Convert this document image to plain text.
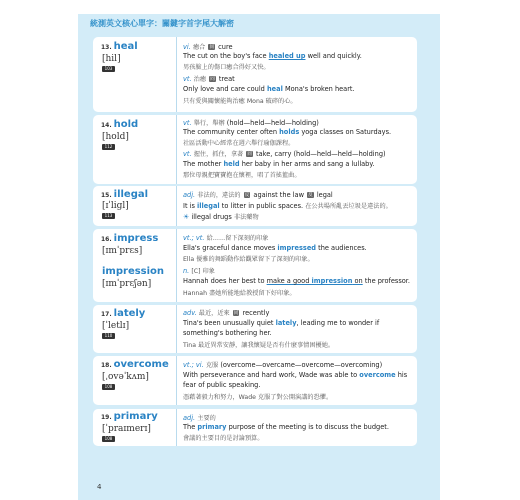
統測英文核心單字：關鍵字首字尾大解密
13. heal
[hil]
103
vi. 癒合 同 cure
The cut on the boy's face healed up well and quickly.
男孩臉上的傷口癒合得好又快。
vt. 治癒 同 treat
Only love and care could heal Mona's broken heart.
只有愛與關懷能夠治癒 Mona 破碎的心。
14. hold
[hold]
112
vt. 舉行，舉辦 (hold—held—held—holding)
The community center often holds yoga classes on Saturdays.
社區活動中心經常在週六舉行瑜伽課程。
vt. 握住，抓住，拿著 同 take, carry (hold—held—held—holding)
The mother held her baby in her arms and sang a lullaby.
那位母親把寶寶抱在懷裡，唱了首搖籃曲。
15. illegal
[ɪˈligl]
113
adj. 非法的，違法的 反 against the law 反 legal
It is illegal to litter in public spaces. 在公共場所亂丟垃圾是違法的。
☀ illegal drugs 非法藥物
16. impress
[ɪmˈprɛs]
impression
[ɪmˈprɛʃən]
vt.; vt. 給……留下深刻的印象
Ella's graceful dance moves impressed the audiences.
Ella 優雅的舞蹈動作給觀眾留下了深刻的印象。
n. [C] 印象
Hannah does her best to make a good impression on the professor.
Hannah 盡她所能地給教授留下好印象。
17. lately
[ˈletlɪ]
110
adv. 最近，近來 同 recently
Tina's been unusually quiet lately, leading me to wonder if
something's bothering her.
Tina 最近異常安靜，讓我懷疑是否有什麼事情困擾她。
18. overcome
[ˌovəˈkʌm]
108
vt.; vi. 克服 (overcome—overcame—overcome—overcoming)
With perseverance and hard work, Wade was able to overcome his
fear of public speaking.
憑藉著毅力和努力，Wade 克服了對公開演講的恐懼。
19. primary
[ˈpraɪmerɪ]
108
adj. 主要的
The primary purpose of the meeting is to discuss the budget.
會議的主要目的是討論預算。
4
